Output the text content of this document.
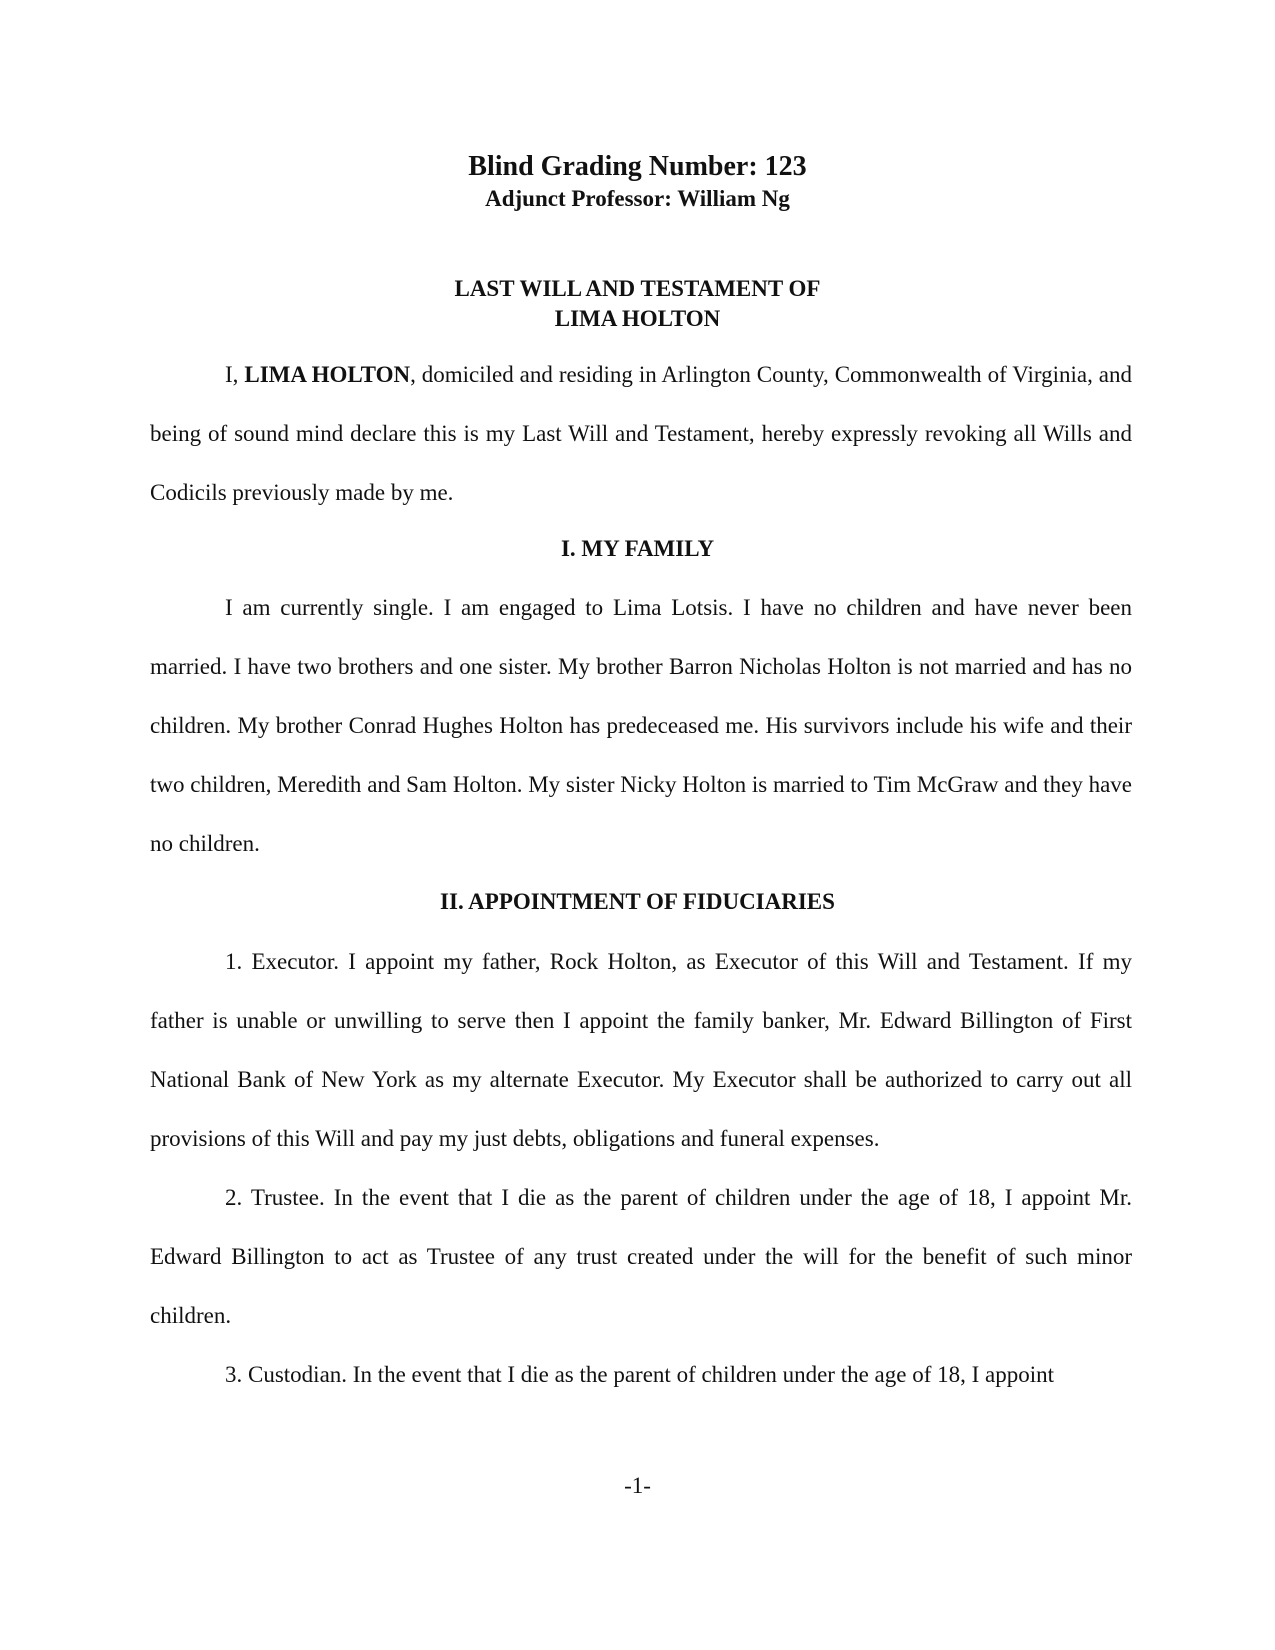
Blind Grading Number: 123
Adjunct Professor: William Ng
LAST WILL AND TESTAMENT OF
LIMA HOLTON

I, LIMA HOLTON, domiciled and residing in Arlington County, Commonwealth of Virginia, and being of sound mind declare this is my Last Will and Testament, hereby expressly revoking all Wills and Codicils previously made by me.

I. MY FAMILY

I am currently single. I am engaged to Lima Lotsis. I have no children and have never been married. I have two brothers and one sister. My brother Barron Nicholas Holton is not married and has no children. My brother Conrad Hughes Holton has predeceased me. His survivors include his wife and their two children, Meredith and Sam Holton. My sister Nicky Holton is married to Tim McGraw and they have no children.

II. APPOINTMENT OF FIDUCIARIES

1. Executor. I appoint my father, Rock Holton, as Executor of this Will and Testament. If my father is unable or unwilling to serve then I appoint the family banker, Mr. Edward Billington of First National Bank of New York as my alternate Executor. My Executor shall be authorized to carry out all provisions of this Will and pay my just debts, obligations and funeral expenses.

2. Trustee. In the event that I die as the parent of children under the age of 18, I appoint Mr. Edward Billington to act as Trustee of any trust created under the will for the benefit of such minor children.

3. Custodian. In the event that I die as the parent of children under the age of 18, I appoint

-1-
